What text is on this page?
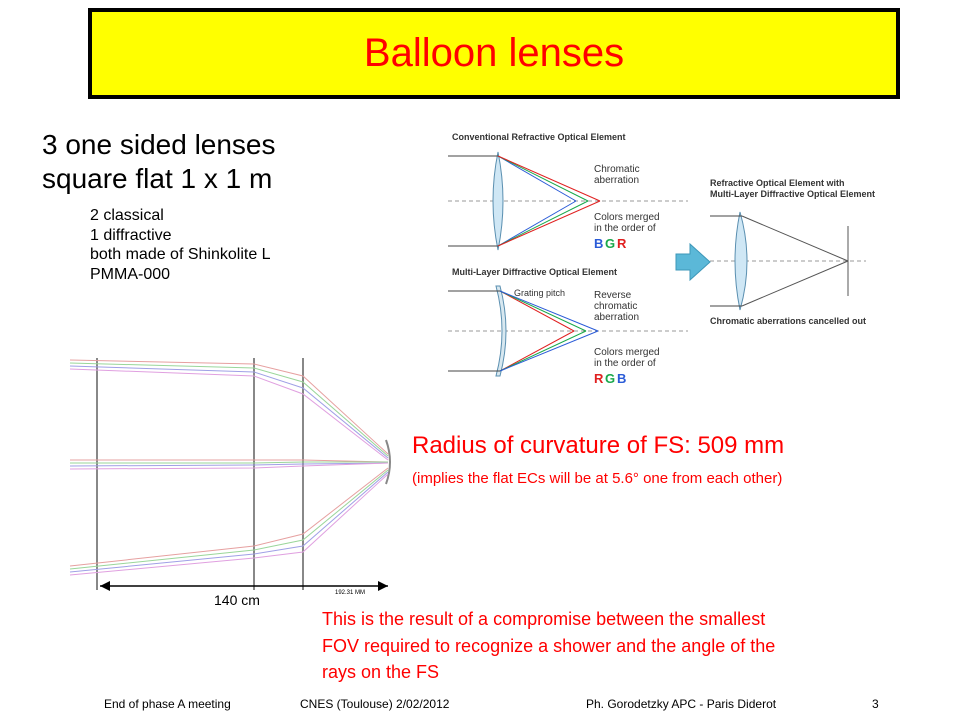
Balloon lenses
3 one sided lenses
square flat 1 x 1 m
2 classical
1 diffractive
both made of Shinkolite L
PMMA-000
Conventional Refractive Optical Element
Chromatic
aberration
Colors merged
in the order of
B G R
Multi-Layer Diffractive Optical Element
Grating pitch	Reverse
chromatic
aberration
Colors merged
in the order of
R G B
Refractive Optical Element with
Multi-Layer Diffractive Optical Element
Chromatic aberrations cancelled out
140 cm	192.31 MM
Radius of curvature of FS: 509 mm
(implies the flat ECs will be at 5.6° one from each other)
This is the result of a compromise between the smallest
FOV required to recognize a shower and the angle of the
rays on the FS
End of phase A meeting	CNES (Toulouse) 2/02/2012	Ph. Gorodetzky APC - Paris Diderot	3
